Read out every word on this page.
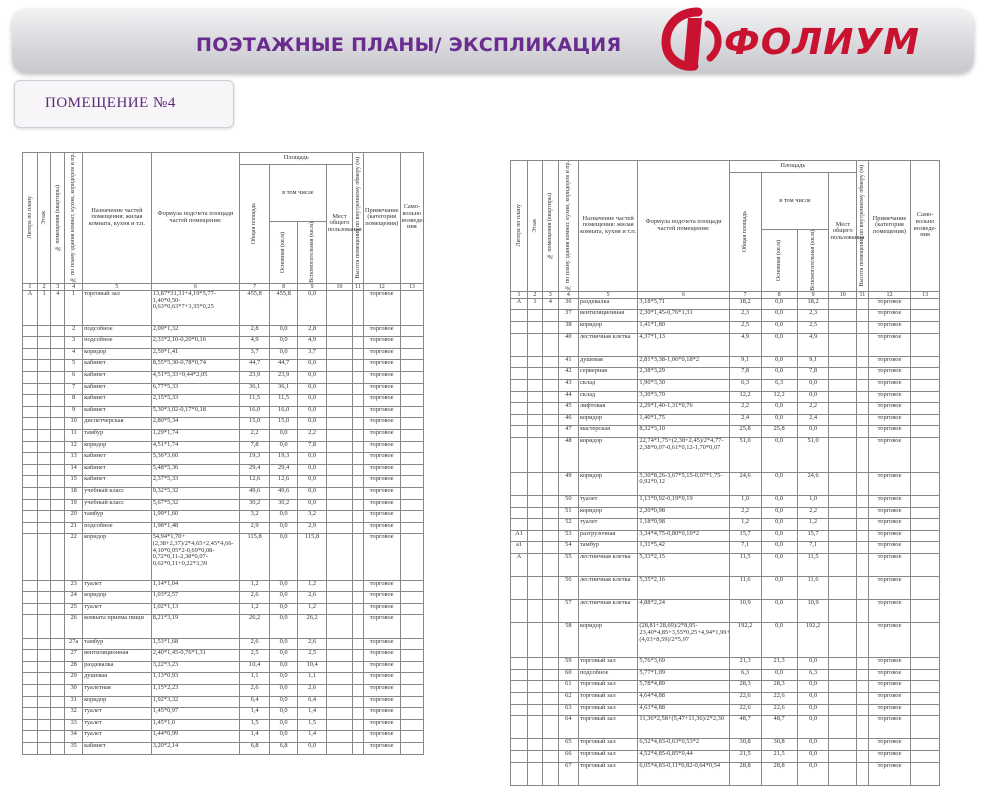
ПОЭТАЖНЫЕ ПЛАНЫ/ ЭКСПЛИКАЦИЯ	ФОЛИУМ
ПОМЕЩЕНИЕ №4
Литера по плану	Этаж	№ помещения (квартиры)	№ по плану здания комнат, кухни, коридоров и пр.	Назначение частей помещения: жилая комната, кухня и т.п.	Формула подсчета площади частей помещения:	Площадь				Высота помещений по внутреннему обмеру (м)	Примечание (категория помещения)	Само-вольно возведе-ния

						Общая площадь	в том числе		Мест общего пользования			

							Основная (кв.м)	Вспомогательная (кв.м)				

1	2	3	4	5	6	7	8	9	10	11	12	13
А	1	4	1	торговый зал	13,87*31,31+4,19*5,77-1,40*0,50-0,63*0,63*7+3,35*0,25	455,8	455,8	0,0			торговое	
			2	подсобное	2,09*1,32	2,8	0,0	2,8			торговое	
			3	подсобное	2,33*2,10-0,20*0,16	4,9	0,0	4,9			торговое	
			4	коридор	2,59*1,41	3,7	0,0	3,7			торговое	
			5	кабинет	8,55*5,30-0,78*0,74	44,7	44,7	0,0			торговое	
			6	кабинет	4,51*5,33+0,44*2,05	23,9	23,9	0,0			торговое	
			7	кабинет	6,77*5,33	36,1	36,1	0,0			торговое	
			8	кабинет	2,15*5,33	11,5	11,5	0,0			торговое	
			9	кабинет	5,30*3,02-0,17*0,18	16,0	16,0	0,0			торговое	
			10	диспетчерская	2,80*5,34	15,0	15,0	0,0			торговое	
			11	тамбур	1,29*1,74	2,2	0,0	2,2			торговое	
			12	коридор	4,51*1,74	7,8	0,0	7,8			торговое	
			13	кабинет	5,36*3,60	19,3	19,3	0,0			торговое	
			14	кабинет	5,48*5,36	29,4	29,4	0,0			торговое	
			15	кабинет	2,37*5,33	12,6	12,6	0,0			торговое	
			18	учебный класс	9,32*5,32	49,6	49,6	0,0			торговое	
			19	учебный класс	5,67*5,32	30,2	30,2	0,0			торговое	
			20	тамбур	1,99*1,60	3,2	0,0	3,2			торговое	
			21	подсобное	1,98*1,48	2,9	0,0	2,9			торговое	
			22	коридор	54,94*1,70+(2,38+2,37)/2*4,65+2,45*4,66-4,10*0,05*2-0,69*0,08-0,72*0,11-2,38*0,07-0,62*0,11+0,22*3,39	115,8	0,0	115,8			торговое	
			23	туалет	1,14*1,04	1,2	0,0	1,2			торговое	
			24	коридор	1,03*2,57	2,6	0,0	2,6			торговое	
			25	туалет	1,02*1,13	1,2	0,0	1,2			торговое	
			26	комната приема пищи	8,21*3,19	26,2	0,0	26,2			торговое	
			27а	тамбур	1,53*1,68	2,6	0,0	2,6			торговое	
			27	вентиляционная	2,40*1,45-0,76*1,31	2,5	0,0	2,5			торговое	
			28	раздевалка	3,22*3,23	10,4	0,0	10,4			торговое	
			29	душевая	1,13*0,93	1,1	0,0	1,1			торговое	
			30	туалетная	1,15*2,23	2,6	0,0	2,6			торговое	
			31	коридор	1,92*3,32	6,4	0,0	6,4			торговое	
			32	туалет	1,45*0,97	1,4	0,0	1,4			торговое	
			33	туалет	1,45*1,0	1,5	0,0	1,5			торговое	
			34	туалет	1,44*0,99	1,4	0,0	1,4			торговое	
			35	кабинет	3,20*2,14	6,8	6,8	0,0			торговое	
Литера по плану	Этаж	№ помещения (квартиры)	№ по плану здания комнат, кухни, коридоров и пр.	Назначение частей помещения: жилая комната, кухня и т.п.	Формула подсчета площади частей помещения:	Площадь				Высота помещений по внутреннему обмеру (м)	Примечание (категория помещения)	Само-вольно возведе-ния

						Общая площадь	в том числе		Мест общего пользования			

							Основная (кв.м)	Вспомогательная (кв.м)				

1	2	3	4	5	6	7	8	9	10	11	12	13
А	1	4	36	раздевалка	3,18*5,71	18,2	0,0	18,2			торговое	
			37	вентиляционная	2,30*1,45-0,76*1,31	2,3	0,0	2,3			торговое	
			38	коридор	1,41*1,80	2,5	0,0	2,5			торговое	
			40	лестничная клетка	4,37*1,13	4,9	0,0	4,9			торговое	
			41	душевая	2,81*3,38-1,06*0,18*2	9,1	0,0	9,1			торговое	
			42	серверная	2,38*3,29	7,8	0,0	7,8			торговое	
			43	склад	1,90*3,30	6,3	6,3	0,0			торговое	
			44	склад	3,30*3,70	12,2	12,2	0,0			торговое	
			45	лифтовая	2,29*1,40-1,31*0,76	2,2	0,0	2,2			торговое	
			46	коридор	1,40*1,75	2,4	0,0	2,4			торговое	
			47	мастерская	8,32*3,10	25,8	25,8	0,0			торговое	
			48	коридор	22,74*1,75+(2,38+2,45)/2*4,77-2,38*0,07-0,61*0,12-1,70*0,07	51,0	0,0	51,0			торговое	
			49	коридор	5,30*8,26-3,67*5,15-0,07*1,75-0,92*0,12	24,6	0,0	24,6			торговое	
			50	туалет	1,13*0,92-0,19*0,19	1,0	0,0	1,0			торговое	
			51	коридор	2,20*0,98	2,2	0,0	2,2			торговое	
			52	туалет	1,18*0,98	1,2	0,0	1,2			торговое	
А1			53	разгрузочная	3,34*4,75-0,80*0,10*2	15,7	0,0	15,7			торговое	
а1			54	тамбур	1,31*5,42	7,1	0,0	7,1			торговое	
А			55	лестничная клетка	5,33*2,15	11,5	0,0	11,5			торговое	
			56	лестничная клетка	5,35*2,16	11,6	0,0	11,6			торговое	
			57	лестничная клетка	4,88*2,24	10,9	0,0	10,9			торговое	
			58	коридор	(28,81+28,69)/2*8,95-23,40*4,85+3,55*0,25+4,94*1,99+(4,03+8,59)/2*5,97	192,2	0,0	192,2			торговое	
			59	торговый зал	5,76*3,69	21,3	21,3	0,0			торговое	
			60	подсобное	5,77*1,09	6,3	0,0	6,3			торговое	
			61	торговый зал	5,78*4,89	28,3	28,3	0,0			торговое	
			62	торговый зал	4,64*4,88	22,6	22,6	0,0			торговое	
			63	торговый зал	4,63*4,88	22,6	22,6	0,0			торговое	
			64	торговый зал	11,36*2,58+(5,47+11,36)/2*2,30	48,7	48,7	0,0			торговое	
			65	торговый зал	6,52*4,83-0,63*0,53*2	30,8	30,8	0,0			торговое	
			66	торговый зал	4,52*4,85-0,85*0,44	21,5	21,5	0,0			торговое	
			67	торговый зал	6,05*4,83-0,11*0,82-0,64*0,54	28,8	28,8	0,0			торговое	
